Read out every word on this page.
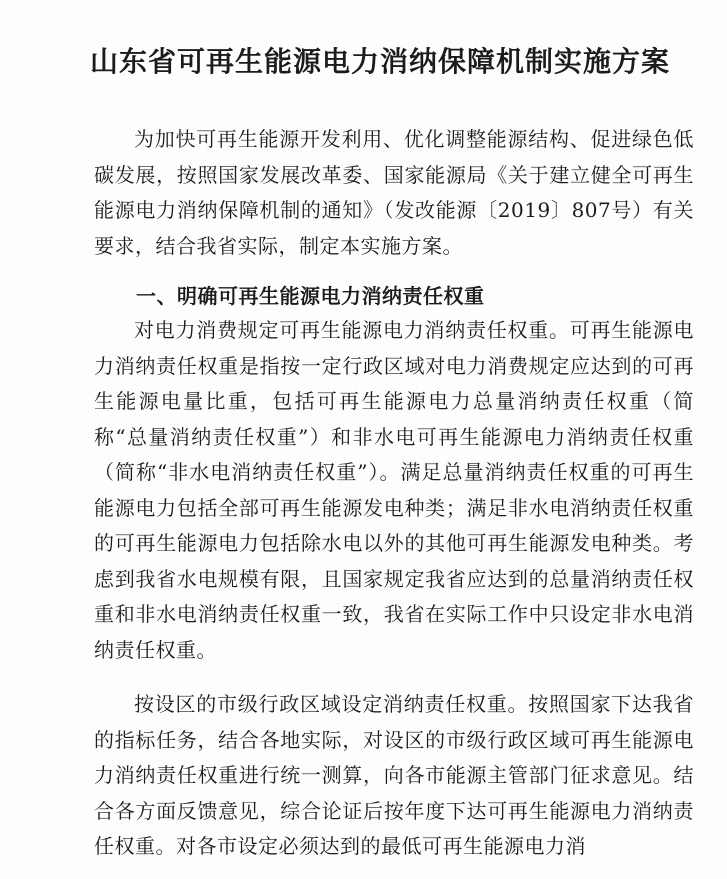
山东省可再生能源电力消纳保障机制实施方案
为加快可再生能源开发利用、优化调整能源结构、促进绿色低碳发展，按照国家发展改革委、国家能源局《关于建立健全可再生能源电力消纳保障机制的通知》（发改能源〔2019〕807号）有关要求，结合我省实际，制定本实施方案。
一、明确可再生能源电力消纳责任权重
对电力消费规定可再生能源电力消纳责任权重。可再生能源电力消纳责任权重是指按一定行政区域对电力消费规定应达到的可再生能源电量比重，包括可再生能源电力总量消纳责任权重（简称“总量消纳责任权重”）和非水电可再生能源电力消纳责任权重（简称“非水电消纳责任权重”）。满足总量消纳责任权重的可再生能源电力包括全部可再生能源发电种类；满足非水电消纳责任权重的可再生能源电力包括除水电以外的其他可再生能源发电种类。考虑到我省水电规模有限，且国家规定我省应达到的总量消纳责任权重和非水电消纳责任权重一致，我省在实际工作中只设定非水电消纳责任权重。
按设区的市级行政区域设定消纳责任权重。按照国家下达我省的指标任务，结合各地实际，对设区的市级行政区域可再生能源电力消纳责任权重进行统一测算，向各市能源主管部门征求意见。结合各方面反馈意见，综合论证后按年度下达可再生能源电力消纳责任权重。对各市设定必须达到的最低可再生能源电力消
